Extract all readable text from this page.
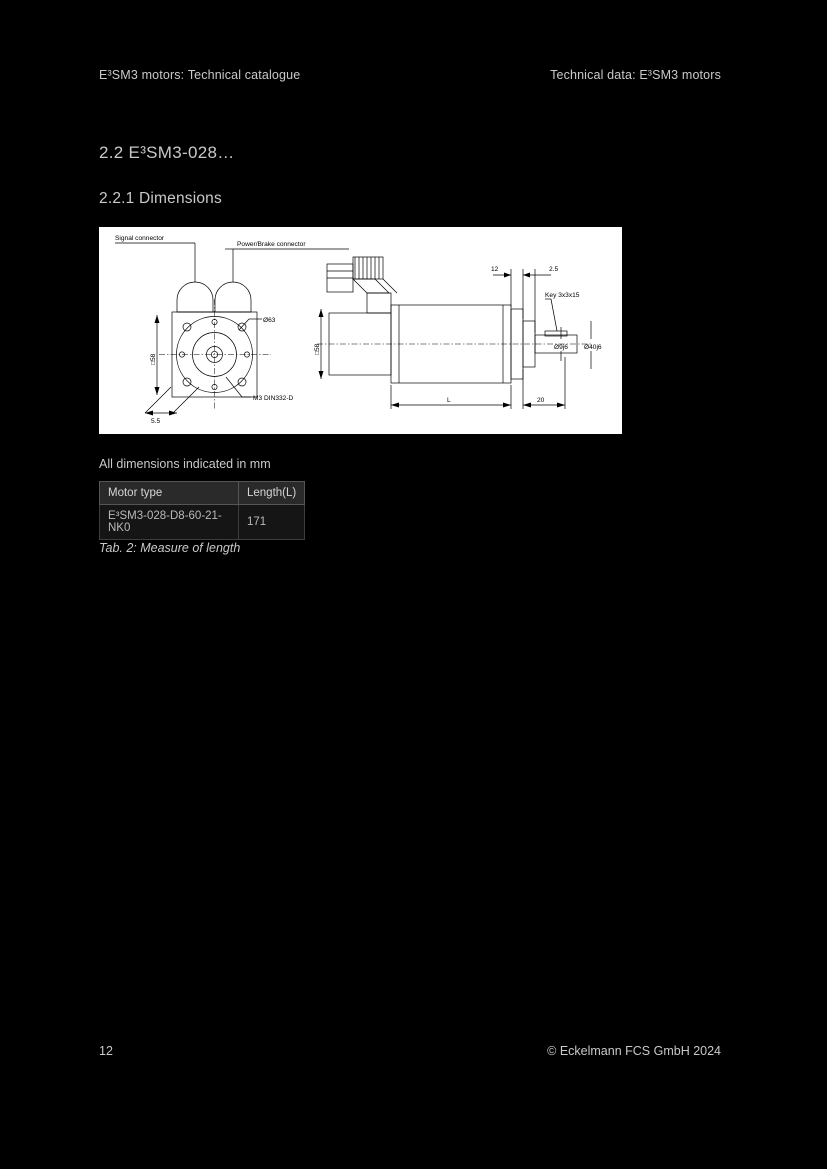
E³SM3 motors: Technical catalogue	Technical data: E³SM3 motors
2.2 E³SM3-028…
2.2.1 Dimensions
Signal connector
Power/Brake connector
Ø63
M3 DIN332-D
5.5
12	2.5
Key 3x3x15
Ø9j6 Ø40j6
L	20
□58
□58
All dimensions indicated in mm
Motor type	Length(L)
E³SM3-028-D8-60-21-NK0	171
Tab. 2: Measure of length
12	© Eckelmann FCS GmbH 2024
